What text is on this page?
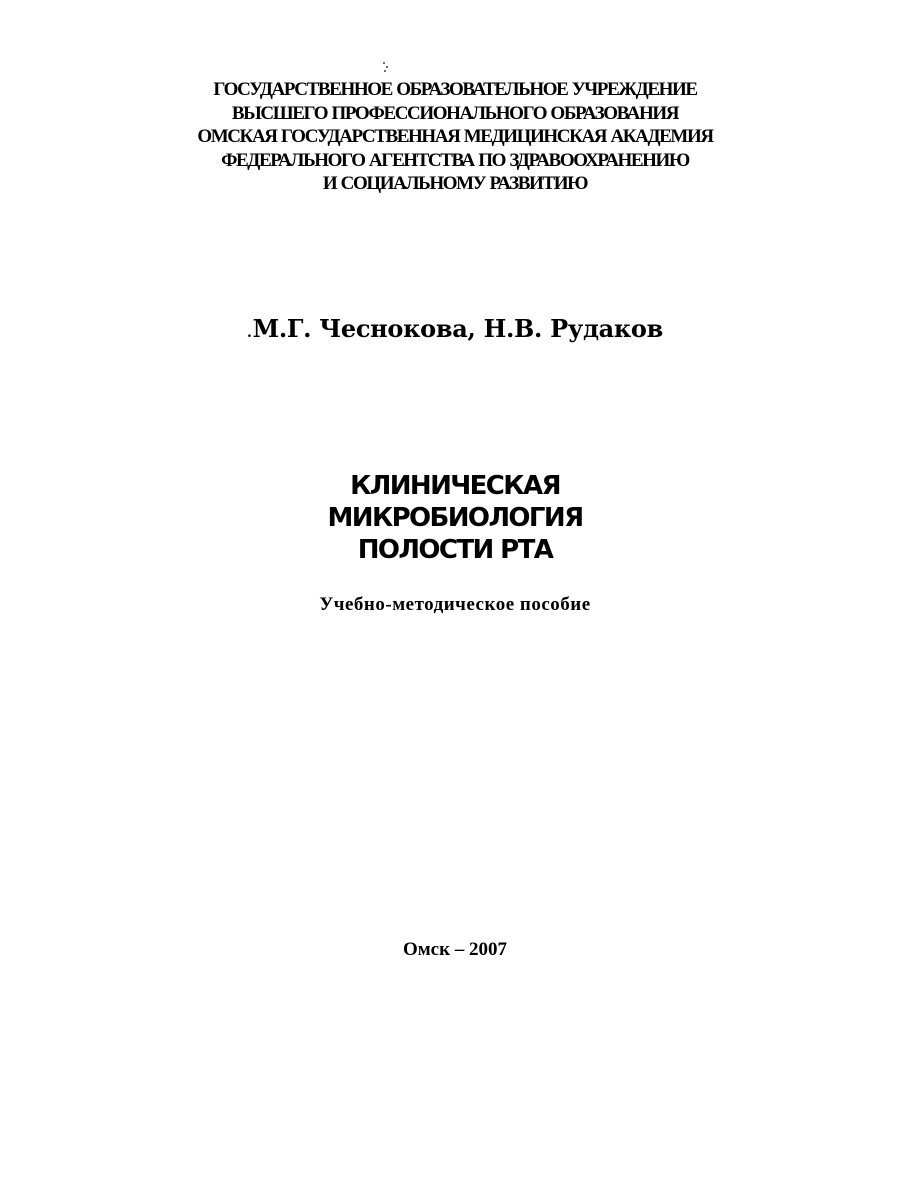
ГОСУДАРСТВЕННОЕ ОБРАЗОВАТЕЛЬНОЕ УЧРЕЖДЕНИЕ
ВЫСШЕГО ПРОФЕССИОНАЛЬНОГО ОБРАЗОВАНИЯ
ОМСКАЯ ГОСУДАРСТВЕННАЯ МЕДИЦИНСКАЯ АКАДЕМИЯ
ФЕДЕРАЛЬНОГО АГЕНТСТВА ПО ЗДРАВООХРАНЕНИЮ
И СОЦИАЛЬНОМУ РАЗВИТИЮ
.М.Г. Чеснокова, Н.В. Рудаков
КЛИНИЧЕСКАЯ
МИКРОБИОЛОГИЯ
ПОЛОСТИ РТА
Учебно-методическое пособие
Омск – 2007
